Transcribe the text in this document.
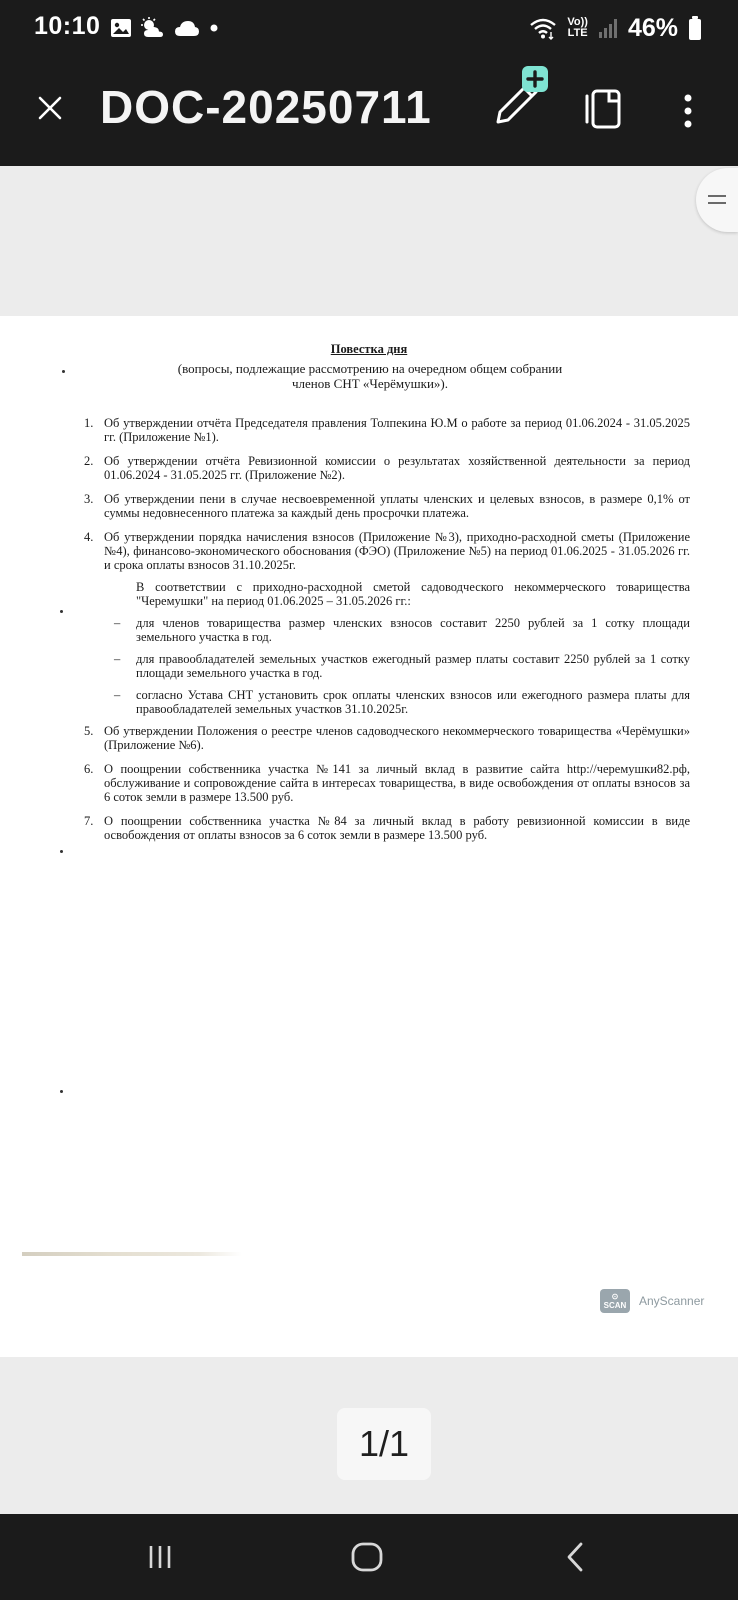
10:10	Vo))
LTE 46%
DOC-20250711
Повестка дня
(вопросы, подлежащие рассмотрению на очередном общем собрании
членов СНТ «Черёмушки»).
1. Об утверждении отчёта Председателя правления Толпекина Ю.М о работе за период 01.06.2024 - 31.05.2025 гг. (Приложение №1).
2. Об утверждении отчёта Ревизионной комиссии о результатах хозяйственной деятельности за период 01.06.2024 - 31.05.2025 гг. (Приложение №2).
3. Об утверждении пени в случае несвоевременной уплаты членских и целевых взносов, в размере 0,1% от суммы недовнесенного платежа за каждый день просрочки платежа.
4. Об утверждении порядка начисления взносов (Приложение №3), приходно-расходной сметы (Приложение №4), финансово-экономического обоснования (ФЭО) (Приложение №5) на период 01.06.2025 - 31.05.2026 гг. и срока оплаты взносов 31.10.2025г.
В соответствии с приходно-расходной сметой садоводческого некоммерческого товарищества "Черемушки" на период 01.06.2025 – 31.05.2026 гг.:
–	для членов товарищества размер членских взносов составит 2250 рублей за 1 сотку площади земельного участка в год.
–	для правообладателей земельных участков ежегодный размер платы составит 2250 рублей за 1 сотку площади земельного участка в год.
–	согласно Устава СНТ установить срок оплаты членских взносов или ежегодного размера платы для правообладателей земельных участков 31.10.2025г.
5. Об утверждении Положения о реестре членов садоводческого некоммерческого товарищества «Черёмушки» (Приложение №6).
6. О поощрении собственника участка №141 за личный вклад в развитие сайта http://черемушки82.рф, обслуживание и сопровождение сайта в интересах товарищества, в виде освобождения от оплаты взносов за 6 соток земли в размере 13.500 руб.
7. О поощрении собственника участка №84 за личный вклад в работу ревизионной комиссии в виде освобождения от оплаты взносов за 6 соток земли в размере 13.500 руб.
⊙
SCAN AnyScanner
1/1
